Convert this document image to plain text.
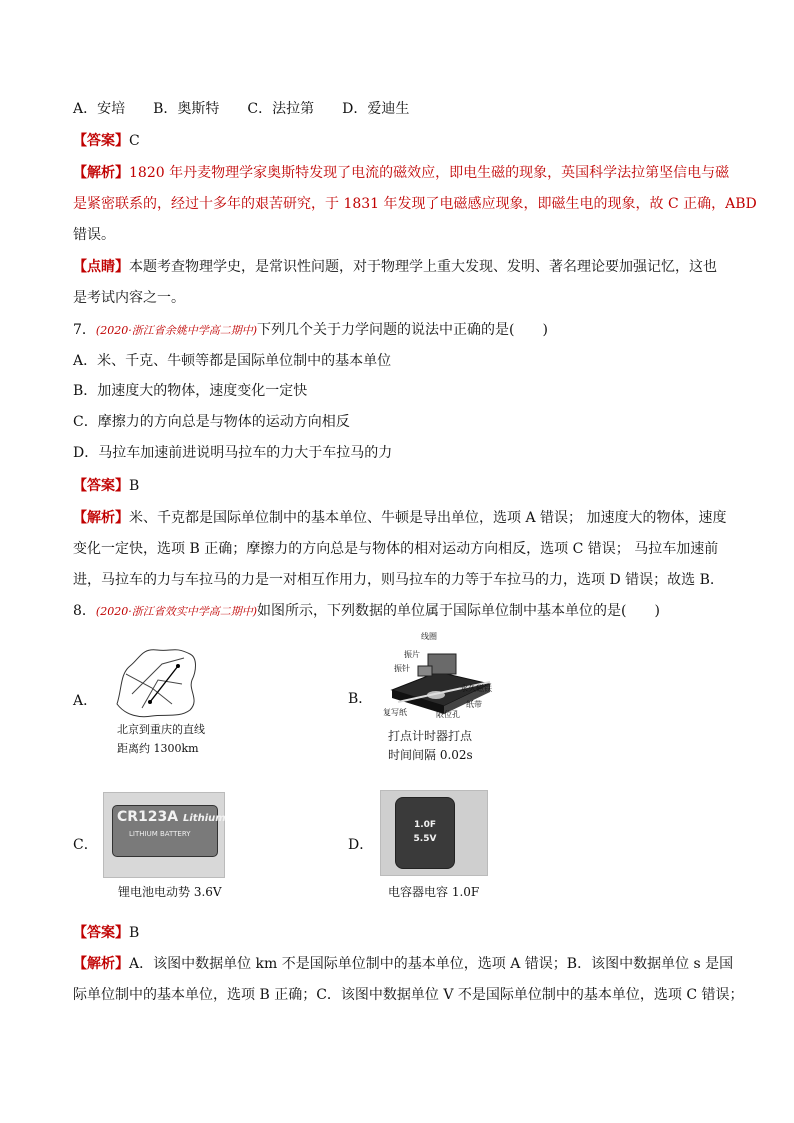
A．安培 B．奥斯特 C．法拉第 D．爱迪生
【答案】C
【解析】1820 年丹麦物理学家奥斯特发现了电流的磁效应，即电生磁的现象，英国科学法拉第坚信电与磁
是紧密联系的，经过十多年的艰苦研究，于 1831 年发现了电磁感应现象，即磁生电的现象，故 C 正确，ABD
错误。
【点睛】本题考查物理学史，是常识性问题，对于物理学上重大发现、发明、著名理论要加强记忆，这也
是考试内容之一。
7．(2020·浙江省余姚中学高二期中)下列几个关于力学问题的说法中正确的是(　　)
A．米、千克、牛顿等都是国际单位制中的基本单位
B．加速度大的物体，速度变化一定快
C．摩擦力的方向总是与物体的运动方向相反
D．马拉车加速前进说明马拉车的力大于车拉马的力
【答案】B
【解析】米、千克都是国际单位制中的基本单位、牛顿是导出单位，选项 A 错误； 加速度大的物体，速度
变化一定快，选项 B 正确；摩擦力的方向总是与物体的相对运动方向相反，选项 C 错误； 马拉车加速前
进，马拉车的力与车拉马的力是一对相互作用力，则马拉车的力等于车拉马的力，选项 D 错误；故选 B.
8．(2020·浙江省效实中学高二期中)如图所示，下列数据的单位属于国际单位制中基本单位的是(　　)
A．
北京到重庆的直线
距离约 1300km
B．
线圈
振片
振针
永久磁铁
复写纸	限位孔
纸带
打点计时器打点
时间间隔 0.02s
C．
CR123A Lithium
LITHIUM BATTERY
锂电池电动势 3.6V
D．
1.0F 5.5V
电容器电容 1.0F
【答案】B
【解析】A．该图中数据单位 km 不是国际单位制中的基本单位，选项 A 错误；B．该图中数据单位 s 是国
际单位制中的基本单位，选项 B 正确；C．该图中数据单位 V 不是国际单位制中的基本单位，选项 C 错误；
